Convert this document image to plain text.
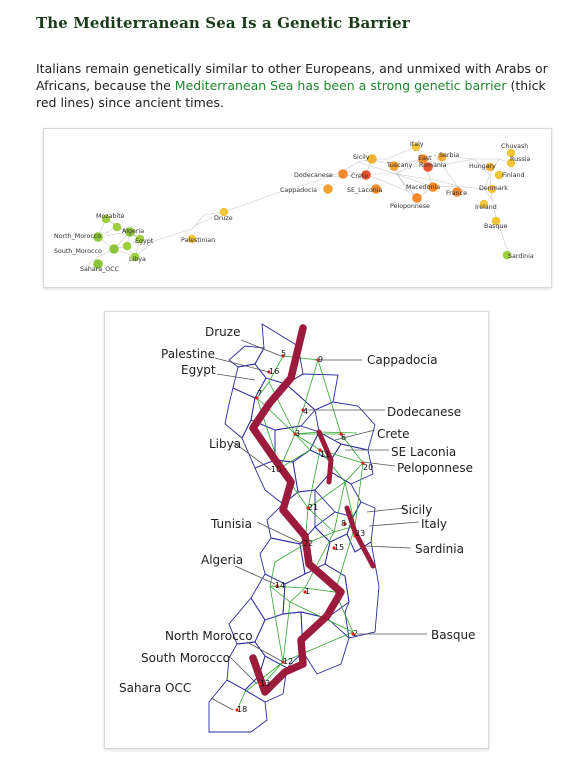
The Mediterranean Sea Is a Genetic Barrier

Italians remain genetically similar to other Europeans, and unmixed with Arabs or Africans, because the Mediterranean Sea has been a strong genetic barrier (thick red lines) since ancient times.

Italy	Chuvash
Sicily	East Serbia
Russia
Tuscany Romania	Hungary
Dodecanese	Crete	Finland
Cappadocia	SE_Laconia	Macedonia
France
Denmark
Peloponnese	Ireland
Mozabite	Druze
Basque
Algeria
North_Morocco
Egypt	Palestinian
South_Morocco
Libya	Sardinia
Sahara_OCC
5
9
16
7
4
3	6
11
10	20
21
8
23
22	15
14
1
2
12
13
18
Druze
Palestine
Egypt
Libya
Tunisia
Algeria
North Morocco
South Morocco
Sahara OCC
Cappadocia
Dodecanese
Crete
SE Laconia
Peloponnese
Sicily
Italy
Sardinia
Basque
